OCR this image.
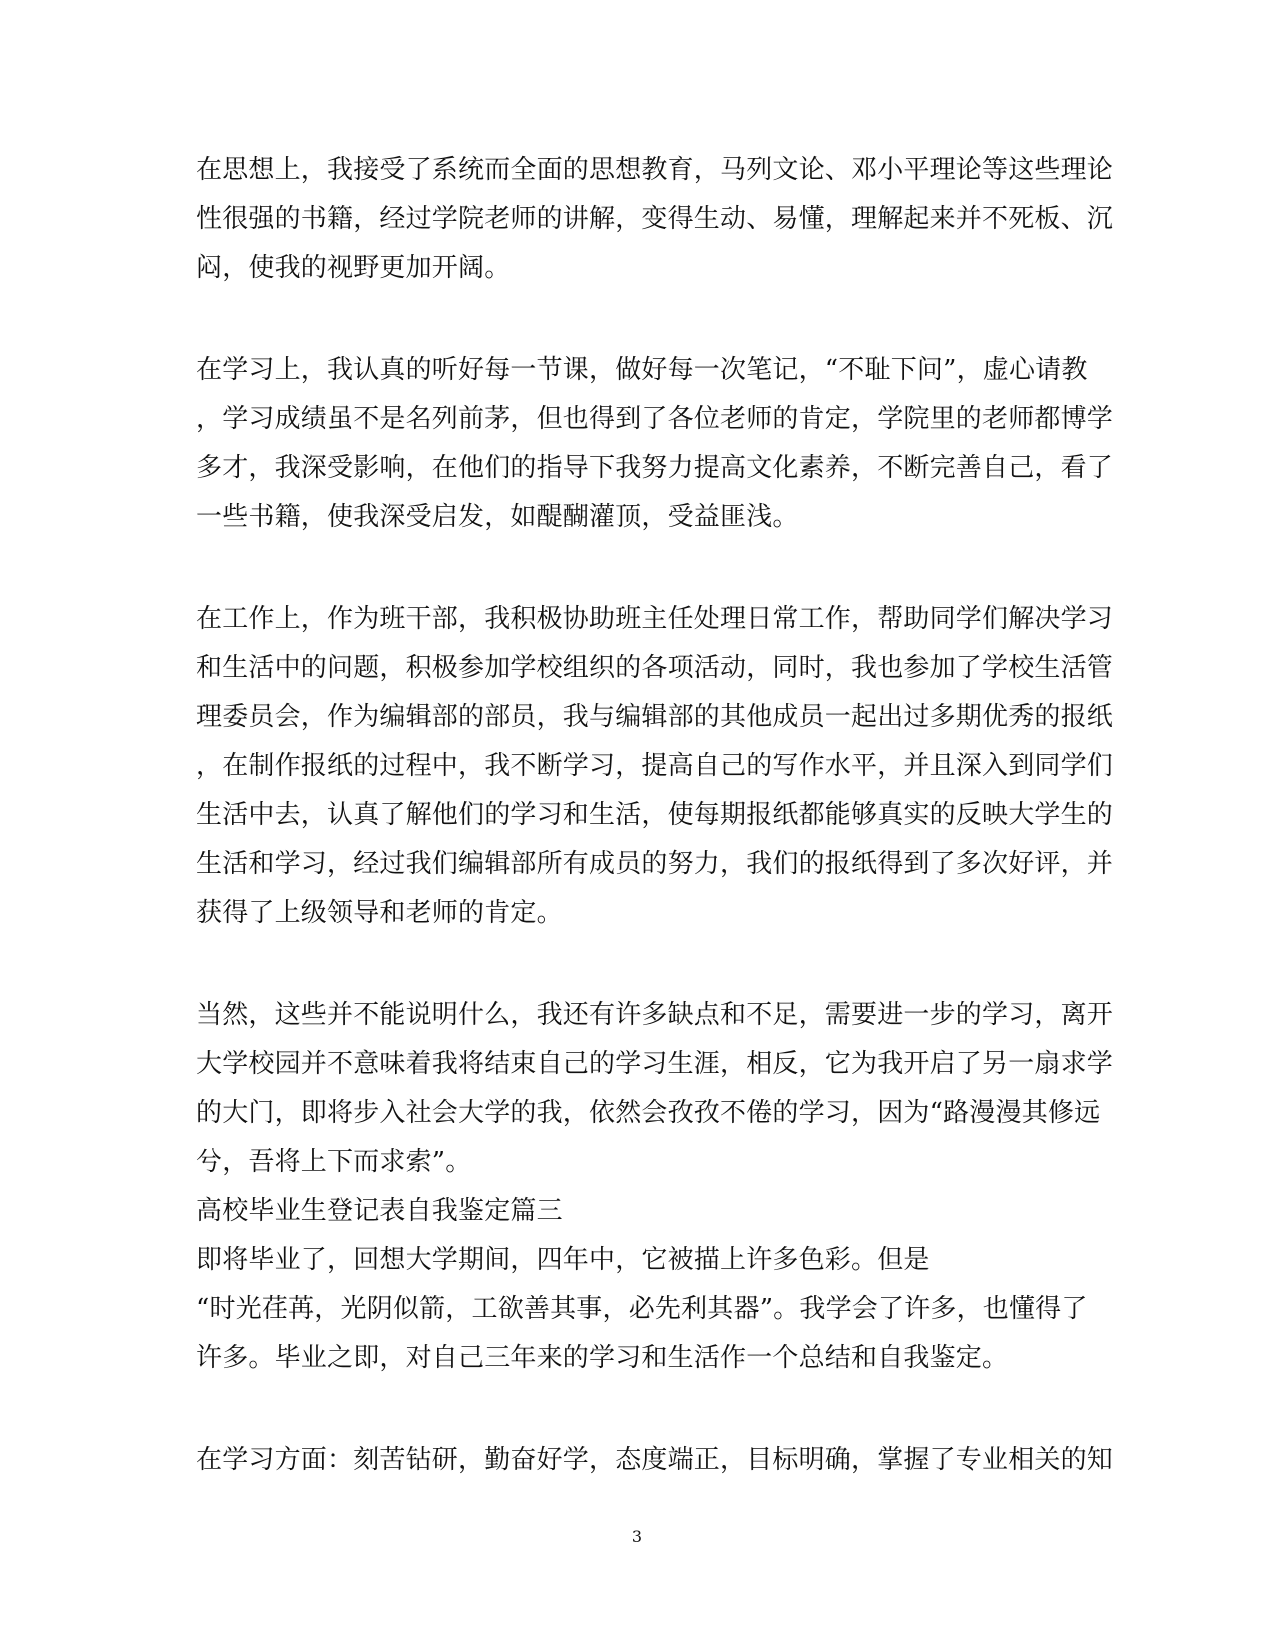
在思想上，我接受了系统而全面的思想教育，马列文论、邓小平理论等这些理论
性很强的书籍，经过学院老师的讲解，变得生动、易懂，理解起来并不死板、沉
闷，使我的视野更加开阔。
在学习上，我认真的听好每一节课，做好每一次笔记，“不耻下问”，虚心请教
，学习成绩虽不是名列前茅，但也得到了各位老师的肯定，学院里的老师都博学
多才，我深受影响，在他们的指导下我努力提高文化素养，不断完善自己，看了
一些书籍，使我深受启发，如醍醐灌顶，受益匪浅。
在工作上，作为班干部，我积极协助班主任处理日常工作，帮助同学们解决学习
和生活中的问题，积极参加学校组织的各项活动，同时，我也参加了学校生活管
理委员会，作为编辑部的部员，我与编辑部的其他成员一起出过多期优秀的报纸
，在制作报纸的过程中，我不断学习，提高自己的写作水平，并且深入到同学们
生活中去，认真了解他们的学习和生活，使每期报纸都能够真实的反映大学生的
生活和学习，经过我们编辑部所有成员的努力，我们的报纸得到了多次好评，并
获得了上级领导和老师的肯定。
当然，这些并不能说明什么，我还有许多缺点和不足，需要进一步的学习，离开
大学校园并不意味着我将结束自己的学习生涯，相反，它为我开启了另一扇求学
的大门，即将步入社会大学的我，依然会孜孜不倦的学习，因为“路漫漫其修远
兮，吾将上下而求索”。
高校毕业生登记表自我鉴定篇三
即将毕业了，回想大学期间，四年中，它被描上许多色彩。但是
“时光荏苒，光阴似箭，工欲善其事，必先利其器”。我学会了许多，也懂得了
许多。毕业之即，对自己三年来的学习和生活作一个总结和自我鉴定。
在学习方面：刻苦钻研，勤奋好学，态度端正，目标明确，掌握了专业相关的知
3
